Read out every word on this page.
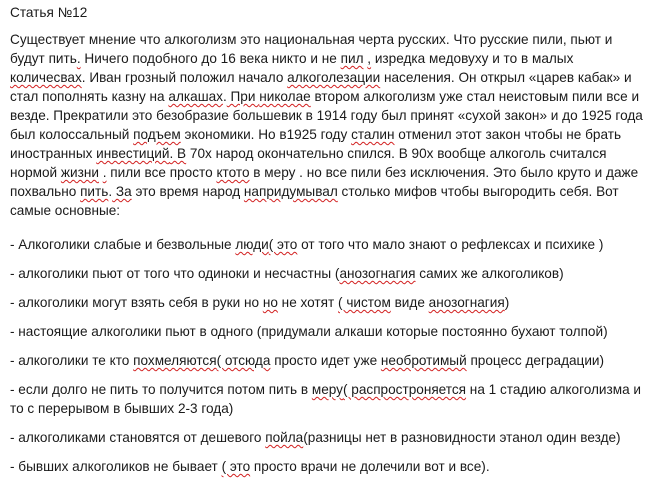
Статья №12

Существует мнение что алкоголизм это национальная черта русских. Что русские пили, пьют и будут пить. Ничего подобного до 16 века никто и не пил , изредка медовуху и то в малых количесвах. Иван грозный положил начало алкоголезации населения. Он открыл «царев кабак» и стал пополнять казну на алкашах. При николае втором алкоголизм уже стал неистовым пили все и везде. Прекратили это безобразие большевик в 1914 году был принят «сухой закон» и до 1925 года был колоссальный подъем экономики. Но в1925 году сталин отменил этот закон чтобы не брать иностранных инвестиций. В 70х народ окончательно спился. В 90х вообще алкоголь считался нормой жизни . пили все просто ктото в меру . но все пили без исключения. Это было круто и даже похвально пить. За это время народ напридумывал столько мифов чтобы выгородить себя. Вот самые основные:

- Алкоголики слабые и безвольные люди( это от того что мало знают о рефлексах и психике )
- алкоголики пьют от того что одиноки и несчастны (анозогнагия самих же алкоголиков)
- алкоголики могут взять себя в руки но но не хотят ( чистом виде анозогнагия)
- настоящие алкоголики пьют в одного (придумали алкаши которые постоянно бухают толпой)
- алкоголики те кто похмеляются( отсюда просто идет уже необротимый процесс деградации)
- если долго не пить то получится потом пить в меру( распростроняется на 1 стадию алкоголизма и то с перерывом в бывших 2-3 года)
- алкоголиками становятся от дешевого пойла(разницы нет в разновидности этанол один везде)
- бывших алкоголиков не бывает ( это просто врачи не долечили вот и все).
